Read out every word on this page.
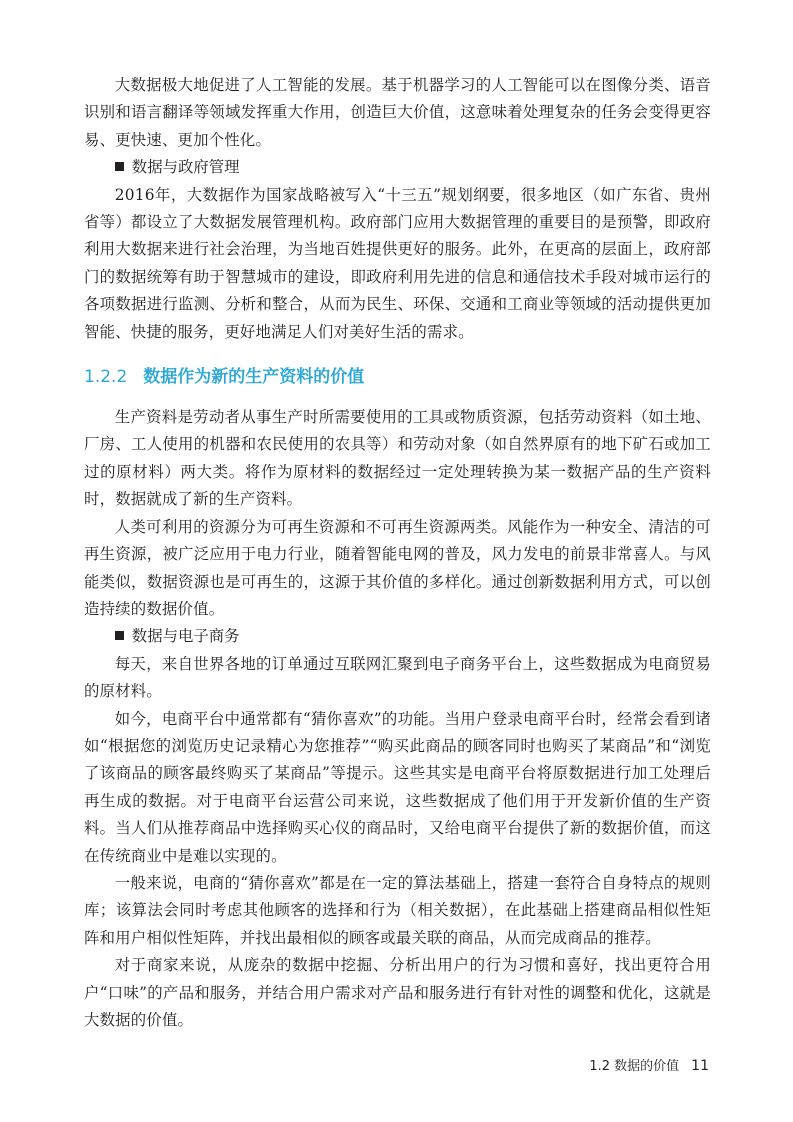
大数据极大地促进了人工智能的发展。基于机器学习的人工智能可以在图像分类、语音识别和语言翻译等领域发挥重大作用，创造巨大价值，这意味着处理复杂的任务会变得更容易、更快速、更加个性化。

数据与政府管理

2016年，大数据作为国家战略被写入“十三五”规划纲要，很多地区（如广东省、贵州省等）都设立了大数据发展管理机构。政府部门应用大数据管理的重要目的是预警，即政府利用大数据来进行社会治理，为当地百姓提供更好的服务。此外，在更高的层面上，政府部门的数据统筹有助于智慧城市的建设，即政府利用先进的信息和通信技术手段对城市运行的各项数据进行监测、分析和整合，从而为民生、环保、交通和工商业等领域的活动提供更加智能、快捷的服务，更好地满足人们对美好生活的需求。

1.2.2 数据作为新的生产资料的价值

生产资料是劳动者从事生产时所需要使用的工具或物质资源，包括劳动资料（如土地、厂房、工人使用的机器和农民使用的农具等）和劳动对象（如自然界原有的地下矿石或加工过的原材料）两大类。将作为原材料的数据经过一定处理转换为某一数据产品的生产资料时，数据就成了新的生产资料。

人类可利用的资源分为可再生资源和不可再生资源两类。风能作为一种安全、清洁的可再生资源，被广泛应用于电力行业，随着智能电网的普及，风力发电的前景非常喜人。与风能类似，数据资源也是可再生的，这源于其价值的多样化。通过创新数据利用方式，可以创造持续的数据价值。

数据与电子商务

每天，来自世界各地的订单通过互联网汇聚到电子商务平台上，这些数据成为电商贸易的原材料。

如今，电商平台中通常都有“猜你喜欢”的功能。当用户登录电商平台时，经常会看到诸如“根据您的浏览历史记录精心为您推荐”“购买此商品的顾客同时也购买了某商品”和“浏览了该商品的顾客最终购买了某商品”等提示。这些其实是电商平台将原数据进行加工处理后再生成的数据。对于电商平台运营公司来说，这些数据成了他们用于开发新价值的生产资料。当人们从推荐商品中选择购买心仪的商品时，又给电商平台提供了新的数据价值，而这在传统商业中是难以实现的。

一般来说，电商的“猜你喜欢”都是在一定的算法基础上，搭建一套符合自身特点的规则库；该算法会同时考虑其他顾客的选择和行为（相关数据），在此基础上搭建商品相似性矩阵和用户相似性矩阵，并找出最相似的顾客或最关联的商品，从而完成商品的推荐。

对于商家来说，从庞杂的数据中挖掘、分析出用户的行为习惯和喜好，找出更符合用户“口味”的产品和服务，并结合用户需求对产品和服务进行有针对性的调整和优化，这就是大数据的价值。

1.2 数据的价值 11
